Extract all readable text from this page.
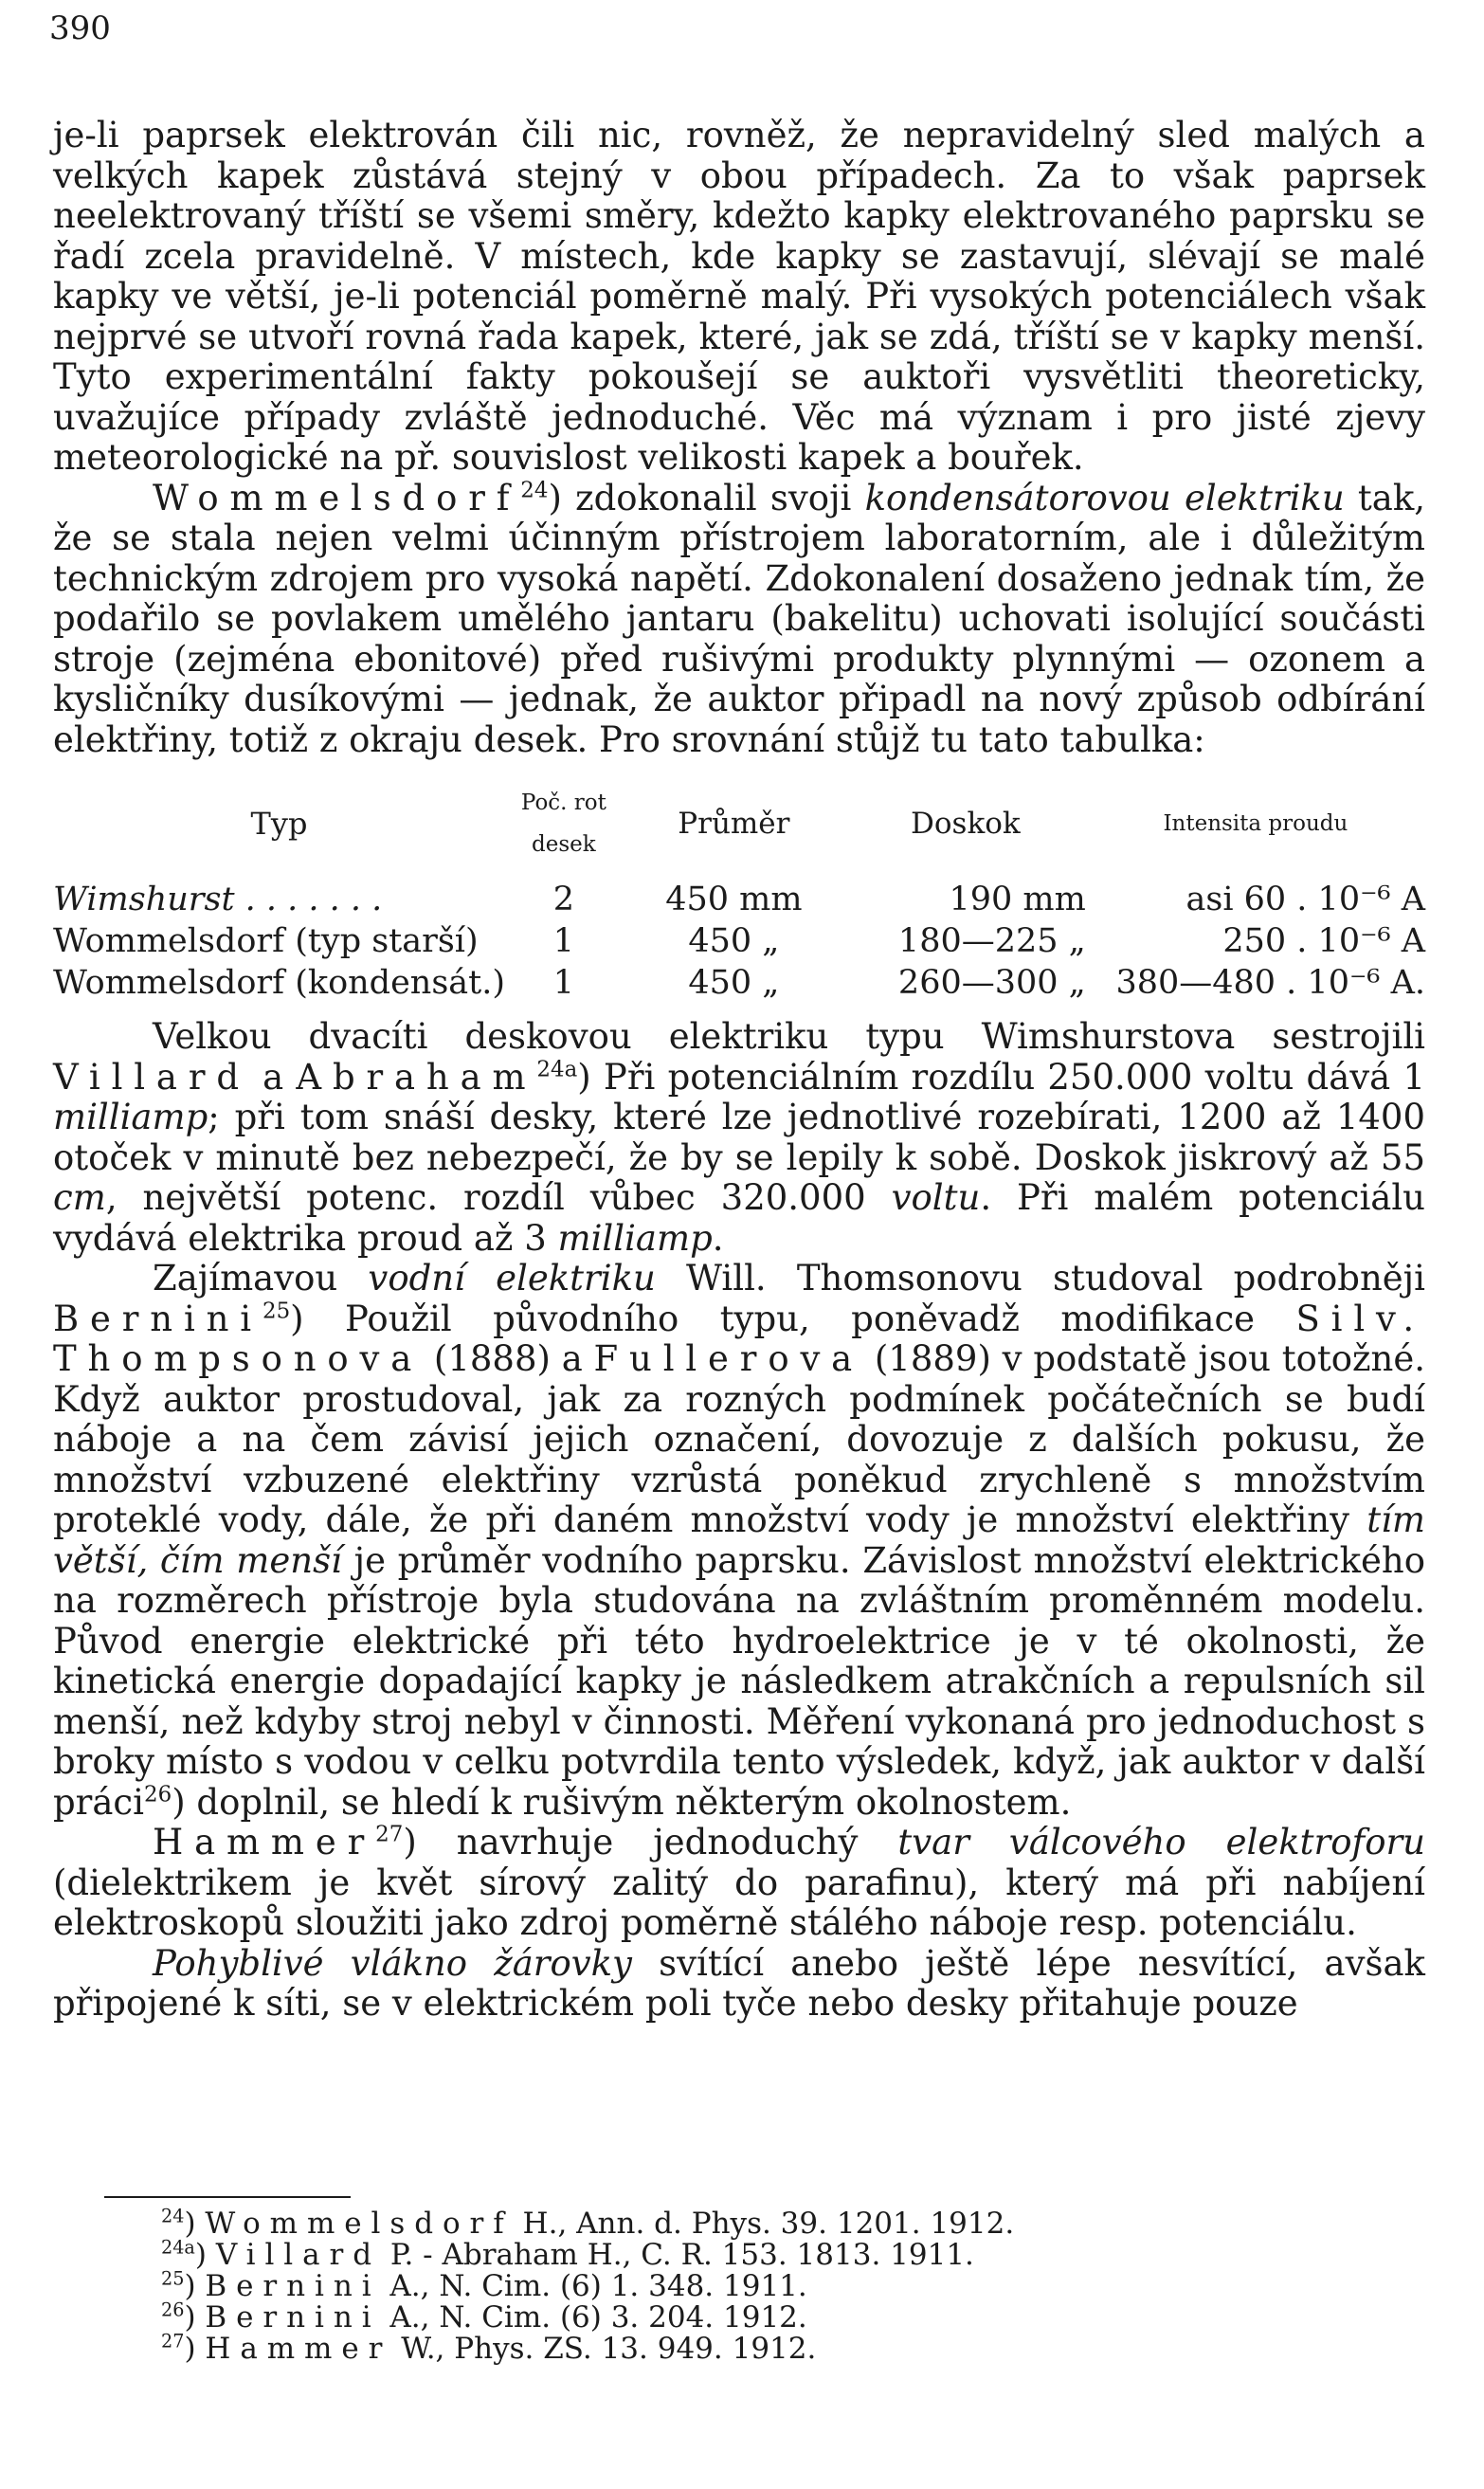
390

je-li paprsek elektrován čili nic, rovněž, že nepravidelný sled malých a velkých kapek zůstává stejný v obou případech. Za to však paprsek neelektrovaný tříští se všemi směry, kdežto kapky elektrovaného paprsku se řadí zcela pravidelně. V místech, kde kapky se zastavují, slévají se malé kapky ve větší, je-li potenciál poměrně malý. Při vysokých potenciálech však nejprvé se utvoří rovná řada kapek, které, jak se zdá, tříští se v kapky menší. Tyto experimentální fakty pokoušejí se auktoři vysvětliti theoreticky, uvažujíce případy zvláště jednoduché. Věc má význam i pro jisté zjevy meteorologické na př. souvislost velikosti kapek a bouřek.

Wommelsdorf$^{24}$) zdokonalil svoji kondensátorovou elektriku tak, že se stala nejen velmi účinným přístrojem laboratorním, ale i důležitým technickým zdrojem pro vysoká napětí. Zdokonalení dosaženo jednak tím, že podařilo se povlakem umělého jantaru (bakelitu) uchovati isolující součásti stroje (zejména ebonitové) před rušivými produkty plynnými — ozonem a kysličníky dusíkovými — jednak, že auktor připadl na nový způsob odbírání elektřiny, totiž z okraju desek. Pro srovnání stůjž tu tato tabulka:

Typ	Poč. rot desek	Průměr	Doskok	Intensita proudu
Wimshurst . . . . . . .	2	450 mm	190 mm	asi 60 . 10⁻⁶ A
Wommelsdorf (typ starší)	1	450 „	180—225 „	250 . 10⁻⁶ A
Wommelsdorf (kondensát.)	1	450 „	260—300 „	380—480 . 10⁻⁶ A.

Velkou dvacíti deskovou elektriku typu Wimshurstova sestrojili Villard a Abraham$^{24a}$) Při potenciálním rozdílu 250.000 voltu dává 1 milliamp; při tom snáší desky, které lze jednotlivé rozebírati, 1200 až 1400 otoček v minutě bez nebezpečí, že by se lepily k sobě. Doskok jiskrový až 55 cm, největší potenc. rozdíl vůbec 320.000 voltu. Při malém potenciálu vydává elektrika proud až 3 milliamp.

Zajímavou vodní elektriku Will. Thomsonovu studoval podrobněji Bernini$^{25}$) Použil původního typu, poněvadž modifikace Silv. Thompsonova (1888) a Fullerova (1889) v podstatě jsou totožné. Když auktor prostudoval, jak za rozných podmínek počátečních se budí náboje a na čem závisí jejich označení, dovozuje z dalších pokusu, že množství vzbuzené elektřiny vzrůstá poněkud zrychleně s množstvím proteklé vody, dále, že při daném množství vody je množství elektřiny tím větší, čím menší je průměr vodního paprsku. Závislost množství elektrického na rozměrech přístroje byla studována na zvláštním proměnném modelu. Původ energie elektrické při této hydroelektrice je v té okolnosti, že kinetická energie dopadající kapky je následkem atrakčních a repulsních sil menší, než kdyby stroj nebyl v činnosti. Měření vykonaná pro jednoduchost s broky místo s vodou v celku potvrdila tento výsledek, když, jak auktor v další práci$^{26}$) doplnil, se hledí k rušivým některým okolnostem.

Hammer$^{27}$) navrhuje jednoduchý tvar válcového elektroforu (dielektrikem je květ sírový zalitý do parafinu), který má při nabíjení elektroskopů sloužiti jako zdroj poměrně stálého náboje resp. potenciálu.

Pohyblivé vlákno žárovky svítící anebo ještě lépe nesvítící, avšak připojené k síti, se v elektrickém poli tyče nebo desky přitahuje pouze

$^{24}$) Wommelsdorf H., Ann. d. Phys. 39. 1201. 1912.
$^{24a}$) Villard P. - Abraham H., C. R. 153. 1813. 1911.
$^{25}$) Bernini A., N. Cim. (6) 1. 348. 1911.
$^{26}$) Bernini A., N. Cim. (6) 3. 204. 1912.
$^{27}$) Hammer W., Phys. ZS. 13. 949. 1912.
